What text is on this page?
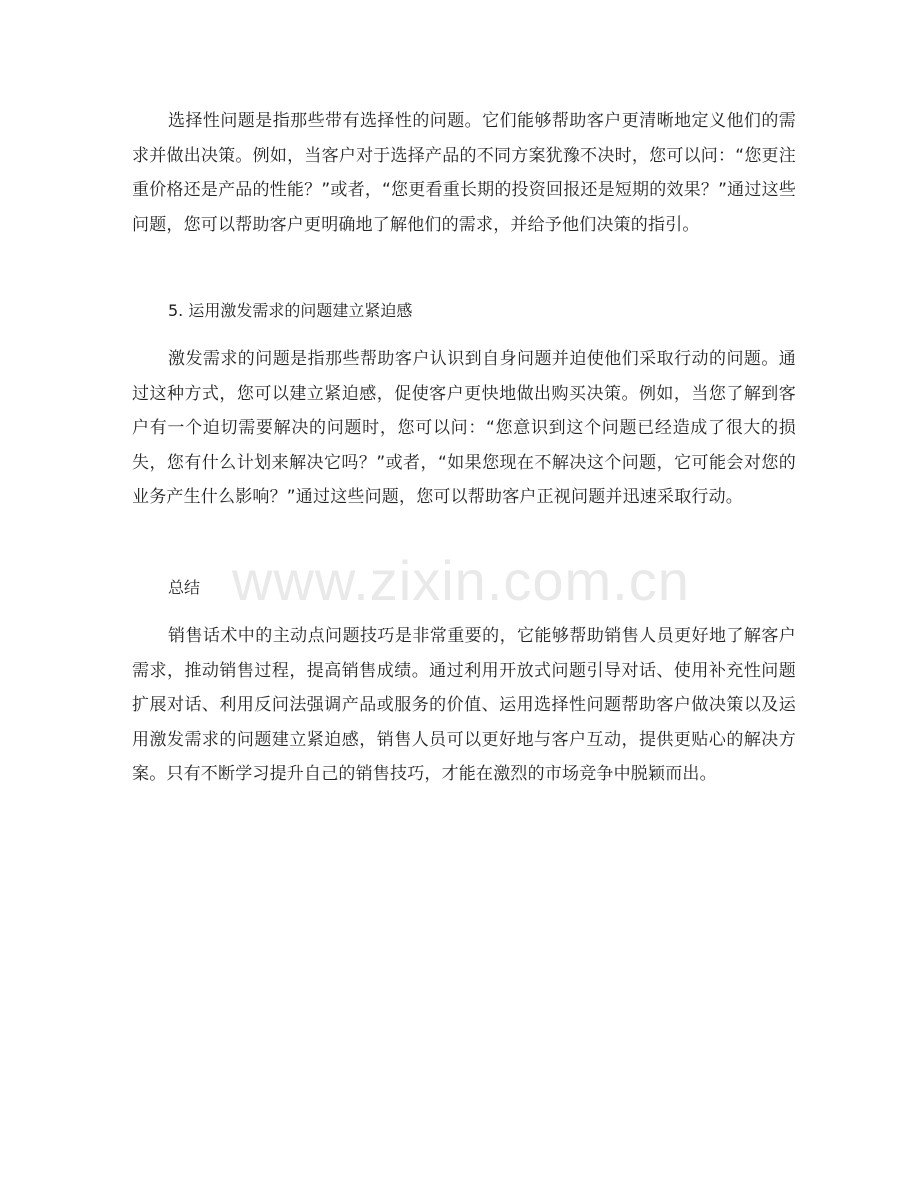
选择性问题是指那些带有选择性的问题。它们能够帮助客户更清晰地定义他们的需求并做出决策。例如，当客户对于选择产品的不同方案犹豫不决时，您可以问：“您更注重价格还是产品的性能？”或者，“您更看重长期的投资回报还是短期的效果？”通过这些问题，您可以帮助客户更明确地了解他们的需求，并给予他们决策的指引。

5. 运用激发需求的问题建立紧迫感

激发需求的问题是指那些帮助客户认识到自身问题并迫使他们采取行动的问题。通过这种方式，您可以建立紧迫感，促使客户更快地做出购买决策。例如，当您了解到客户有一个迫切需要解决的问题时，您可以问：“您意识到这个问题已经造成了很大的损失，您有什么计划来解决它吗？”或者，“如果您现在不解决这个问题，它可能会对您的业务产生什么影响？”通过这些问题，您可以帮助客户正视问题并迅速采取行动。

www.zixin.com.cn

总结

销售话术中的主动点问题技巧是非常重要的，它能够帮助销售人员更好地了解客户需求，推动销售过程，提高销售成绩。通过利用开放式问题引导对话、使用补充性问题扩展对话、利用反问法强调产品或服务的价值、运用选择性问题帮助客户做决策以及运用激发需求的问题建立紧迫感，销售人员可以更好地与客户互动，提供更贴心的解决方案。只有不断学习提升自己的销售技巧，才能在激烈的市场竞争中脱颖而出。
